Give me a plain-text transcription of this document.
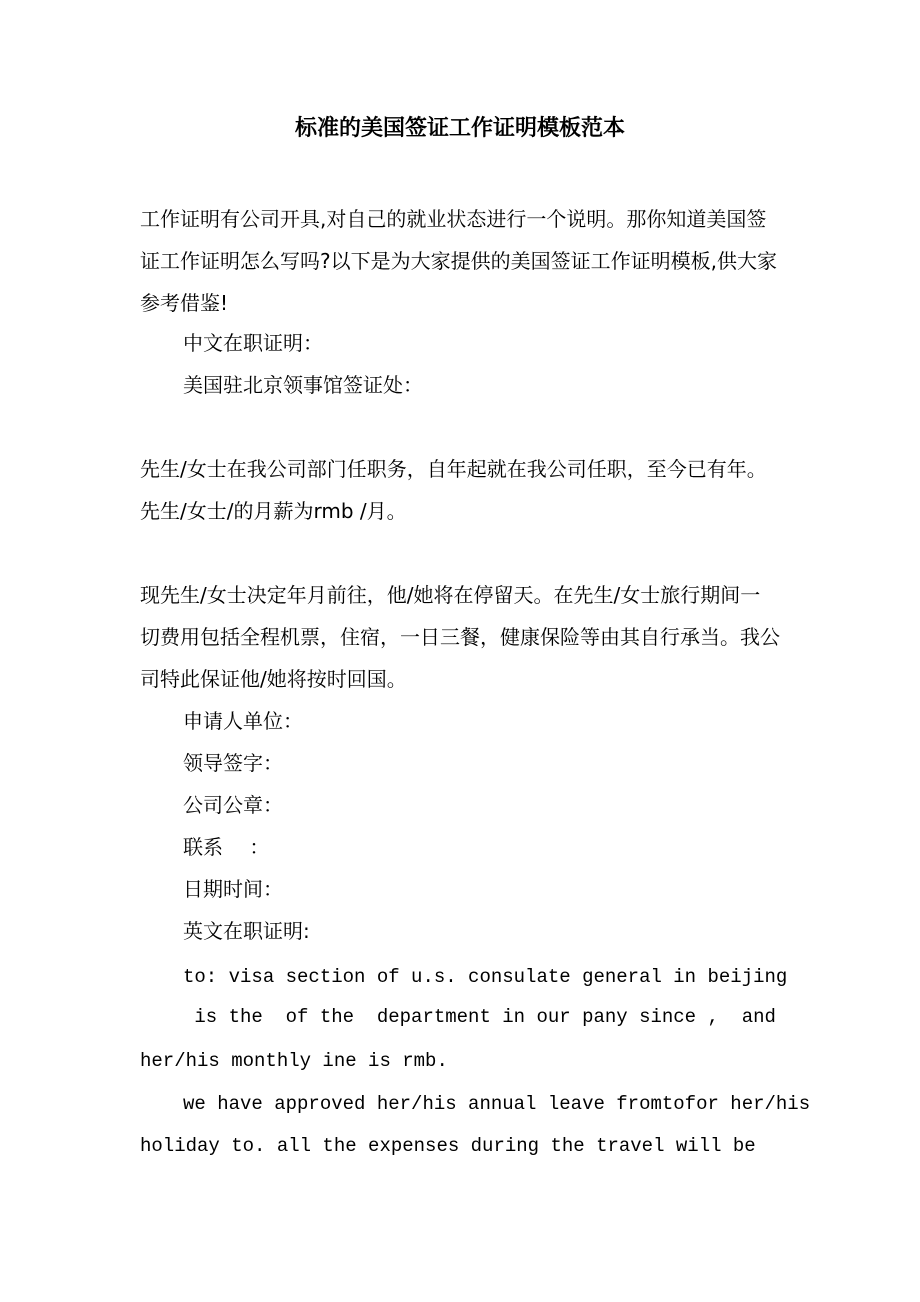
标准的美国签证工作证明模板范本

工作证明有公司开具,对自己的就业状态进行一个说明。那你知道美国签证工作证明怎么写吗?以下是为大家提供的美国签证工作证明模板,供大家参考借鉴!

中文在职证明：

美国驻北京领事馆签证处：

先生/女士在我公司部门任职务，自年起就在我公司任职，至今已有年。先生/女士/的月薪为rmb /月。

现先生/女士决定年月前往，他/她将在停留天。在先生/女士旅行期间一切费用包括全程机票，住宿，一日三餐，健康保险等由其自行承当。我公司特此保证他/她将按时回国。

申请人单位：

领导签字：

公司公章：

联系　 ：

日期时间：

英文在职证明:

to: visa section of u.s. consulate general in beijing

is the  of the  department in our pany since ,  and

her/his monthly ine is rmb.

we have approved her/his annual leave fromtofor her/his

holiday to. all the expenses during the travel will be
